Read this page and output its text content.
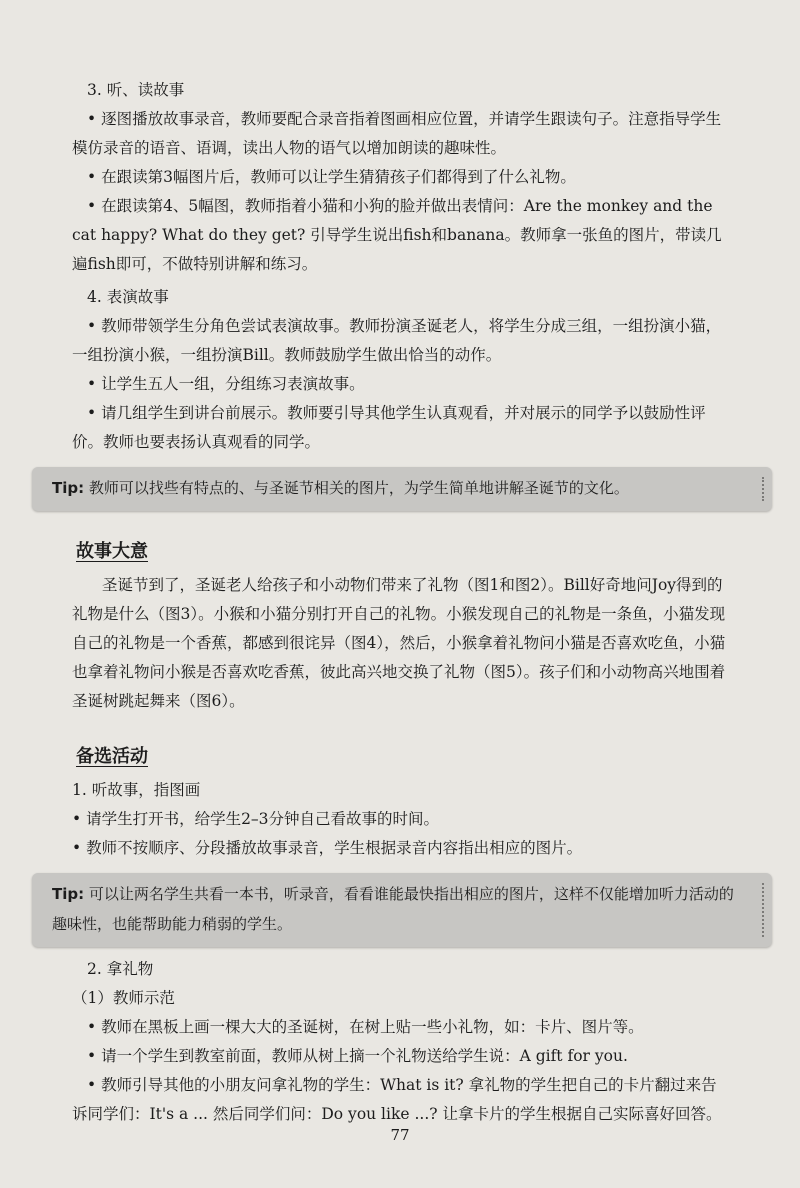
3. 听、读故事

• 逐图播放故事录音，教师要配合录音指着图画相应位置，并请学生跟读句子。注意指导学生模仿录音的语音、语调，读出人物的语气以增加朗读的趣味性。

• 在跟读第3幅图片后，教师可以让学生猜猜孩子们都得到了什么礼物。

• 在跟读第4、5幅图，教师指着小猫和小狗的脸并做出表情问：Are the monkey and the cat happy? What do they get? 引导学生说出fish和banana。教师拿一张鱼的图片，带读几遍fish即可，不做特别讲解和练习。

4. 表演故事

• 教师带领学生分角色尝试表演故事。教师扮演圣诞老人，将学生分成三组，一组扮演小猫，一组扮演小猴，一组扮演Bill。教师鼓励学生做出恰当的动作。

• 让学生五人一组，分组练习表演故事。

• 请几组学生到讲台前展示。教师要引导其他学生认真观看，并对展示的同学予以鼓励性评价。教师也要表扬认真观看的同学。

Tip: 教师可以找些有特点的、与圣诞节相关的图片，为学生简单地讲解圣诞节的文化。
故事大意

圣诞节到了，圣诞老人给孩子和小动物们带来了礼物（图1和图2）。Bill好奇地问Joy得到的礼物是什么（图3）。小猴和小猫分别打开自己的礼物。小猴发现自己的礼物是一条鱼，小猫发现自己的礼物是一个香蕉，都感到很诧异（图4），然后，小猴拿着礼物问小猫是否喜欢吃鱼，小猫也拿着礼物问小猴是否喜欢吃香蕉，彼此高兴地交换了礼物（图5）。孩子们和小动物高兴地围着圣诞树跳起舞来（图6）。

备选活动

1. 听故事，指图画

• 请学生打开书，给学生2–3分钟自己看故事的时间。

• 教师不按顺序、分段播放故事录音，学生根据录音内容指出相应的图片。

Tip: 可以让两名学生共看一本书，听录音，看看谁能最快指出相应的图片，这样不仅能增加听力活动的趣味性，也能帮助能力稍弱的学生。

2. 拿礼物

（1）教师示范

• 教师在黑板上画一棵大大的圣诞树，在树上贴一些小礼物，如：卡片、图片等。

• 请一个学生到教室前面，教师从树上摘一个礼物送给学生说：A gift for you.

• 教师引导其他的小朋友问拿礼物的学生：What is it? 拿礼物的学生把自己的卡片翻过来告诉同学们：It's a ... 然后同学们问：Do you like ...? 让拿卡片的学生根据自己实际喜好回答。

77
